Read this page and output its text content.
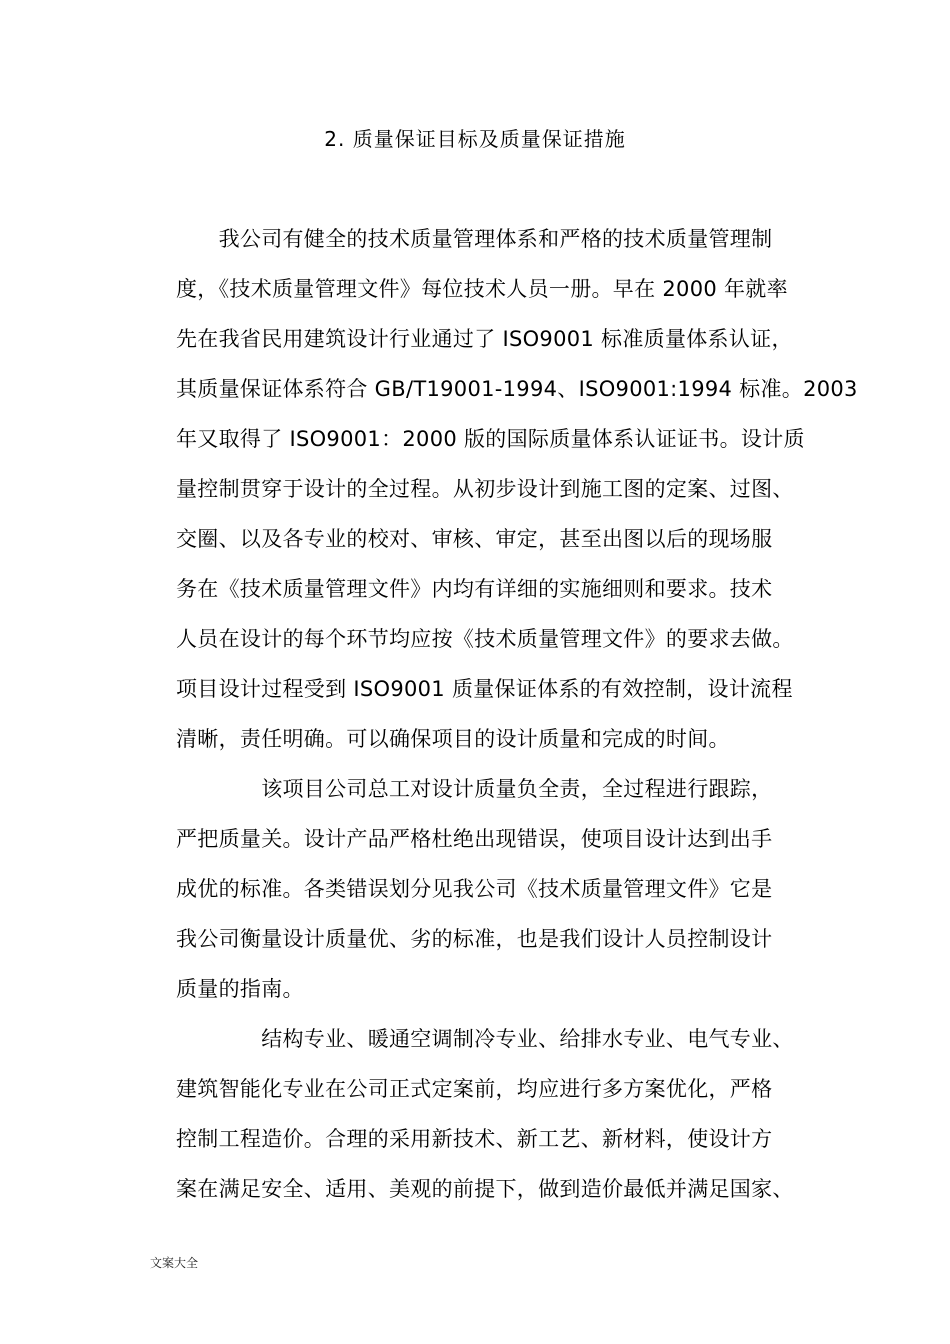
2. 质量保证目标及质量保证措施
　　我公司有健全的技术质量管理体系和严格的技术质量管理制
度，《技术质量管理文件》每位技术人员一册。早在 2000 年就率
先在我省民用建筑设计行业通过了 ISO9001 标准质量体系认证，
其质量保证体系符合 GB/T19001-1994、ISO9001:1994 标准。2003
年又取得了 ISO9001：2000 版的国际质量体系认证证书。设计质
量控制贯穿于设计的全过程。从初步设计到施工图的定案、过图、
交圈、以及各专业的校对、审核、审定，甚至出图以后的现场服
务在《技术质量管理文件》内均有详细的实施细则和要求。技术
人员在设计的每个环节均应按《技术质量管理文件》的要求去做。
项目设计过程受到 ISO9001 质量保证体系的有效控制，设计流程
清晰，责任明确。可以确保项目的设计质量和完成的时间。
　　　　该项目公司总工对设计质量负全责，全过程进行跟踪，
严把质量关。设计产品严格杜绝出现错误，使项目设计达到出手
成优的标准。各类错误划分见我公司《技术质量管理文件》它是
我公司衡量设计质量优、劣的标准，也是我们设计人员控制设计
质量的指南。
　　　　结构专业、暖通空调制冷专业、给排水专业、电气专业、
建筑智能化专业在公司正式定案前，均应进行多方案优化，严格
控制工程造价。合理的采用新技术、新工艺、新材料，使设计方
案在满足安全、适用、美观的前提下，做到造价最低并满足国家、
文案大全
